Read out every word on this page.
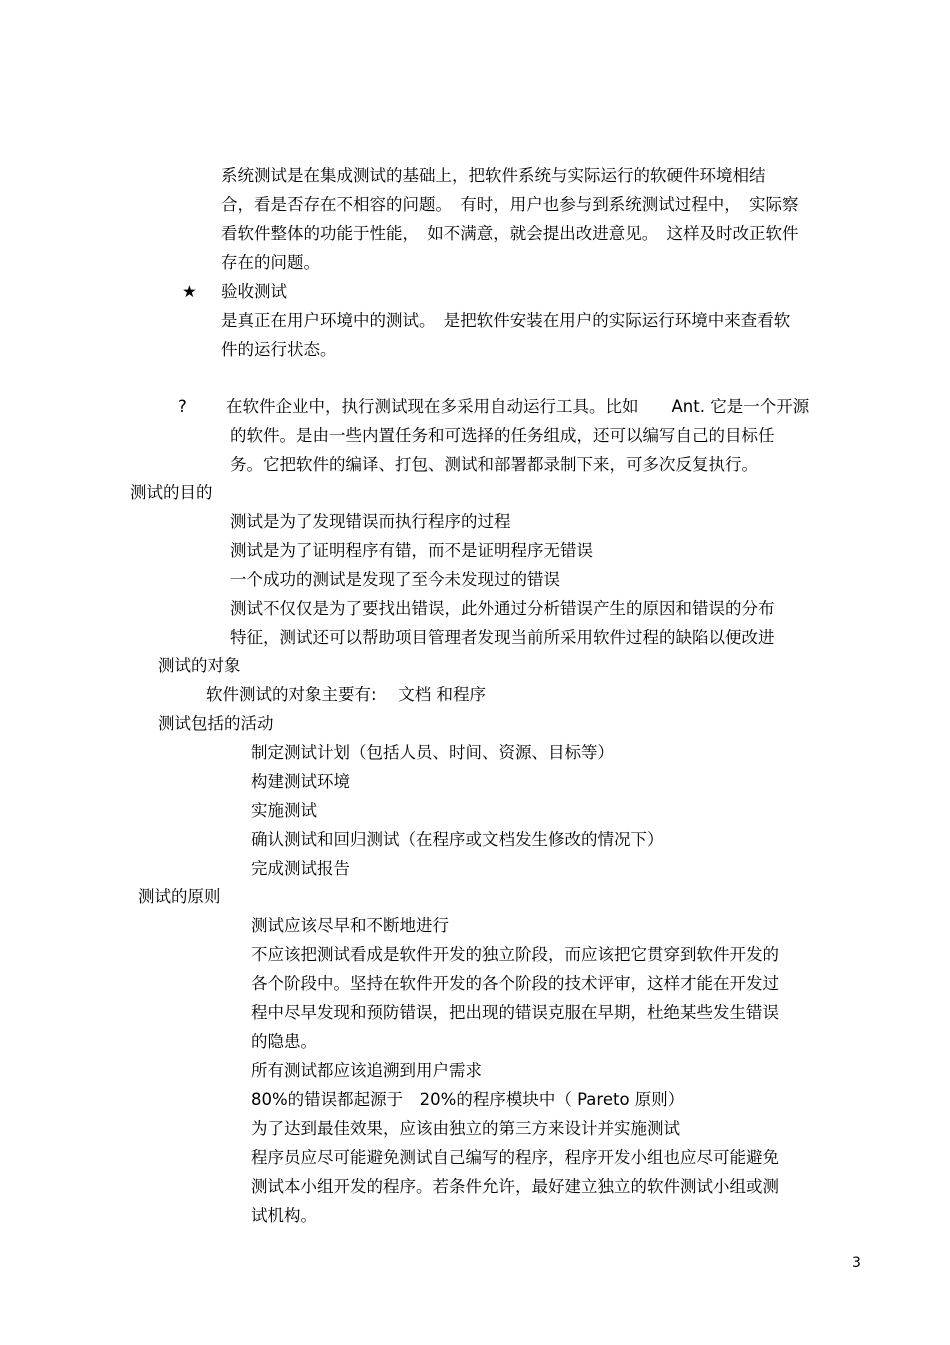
系统测试是在集成测试的基础上，把软件系统与实际运行的软硬件环境相结
合，看是否存在不相容的问题。　有时，用户也参与到系统测试过程中，　实际察
看软件整体的功能于性能，　如不满意，就会提出改进意见。　这样及时改正软件
存在的问题。
★ 验收测试
是真正在用户环境中的测试。　是把软件安装在用户的实际运行环境中来查看软
件的运行状态。
? 在软件企业中，执行测试现在多采用自动运行工具。比如　　Ant. 它是一个开源
的软件。是由一些内置任务和可选择的任务组成，还可以编写自己的目标任
务。它把软件的编译、打包、测试和部署都录制下来，可多次反复执行。
测试的目的
测试是为了发现错误而执行程序的过程
测试是为了证明程序有错，而不是证明程序无错误
一个成功的测试是发现了至今未发现过的错误
测试不仅仅是为了要找出错误，此外通过分析错误产生的原因和错误的分布
特征，测试还可以帮助项目管理者发现当前所采用软件过程的缺陷以便改进
测试的对象
软件测试的对象主要有:　 文档 和程序
测试包括的活动
制定测试计划（包括人员、时间、资源、目标等）
构建测试环境
实施测试
确认测试和回归测试（在程序或文档发生修改的情况下）
完成测试报告
测试的原则
测试应该尽早和不断地进行
不应该把测试看成是软件开发的独立阶段，而应该把它贯穿到软件开发的
各个阶段中。坚持在软件开发的各个阶段的技术评审，这样才能在开发过
程中尽早发现和预防错误，把出现的错误克服在早期，杜绝某些发生错误
的隐患。
所有测试都应该追溯到用户需求
80%的错误都起源于　20%的程序模块中（ Pareto 原则）
为了达到最佳效果，应该由独立的第三方来设计并实施测试
程序员应尽可能避免测试自己编写的程序，程序开发小组也应尽可能避免
测试本小组开发的程序。若条件允许，最好建立独立的软件测试小组或测
试机构。
3
